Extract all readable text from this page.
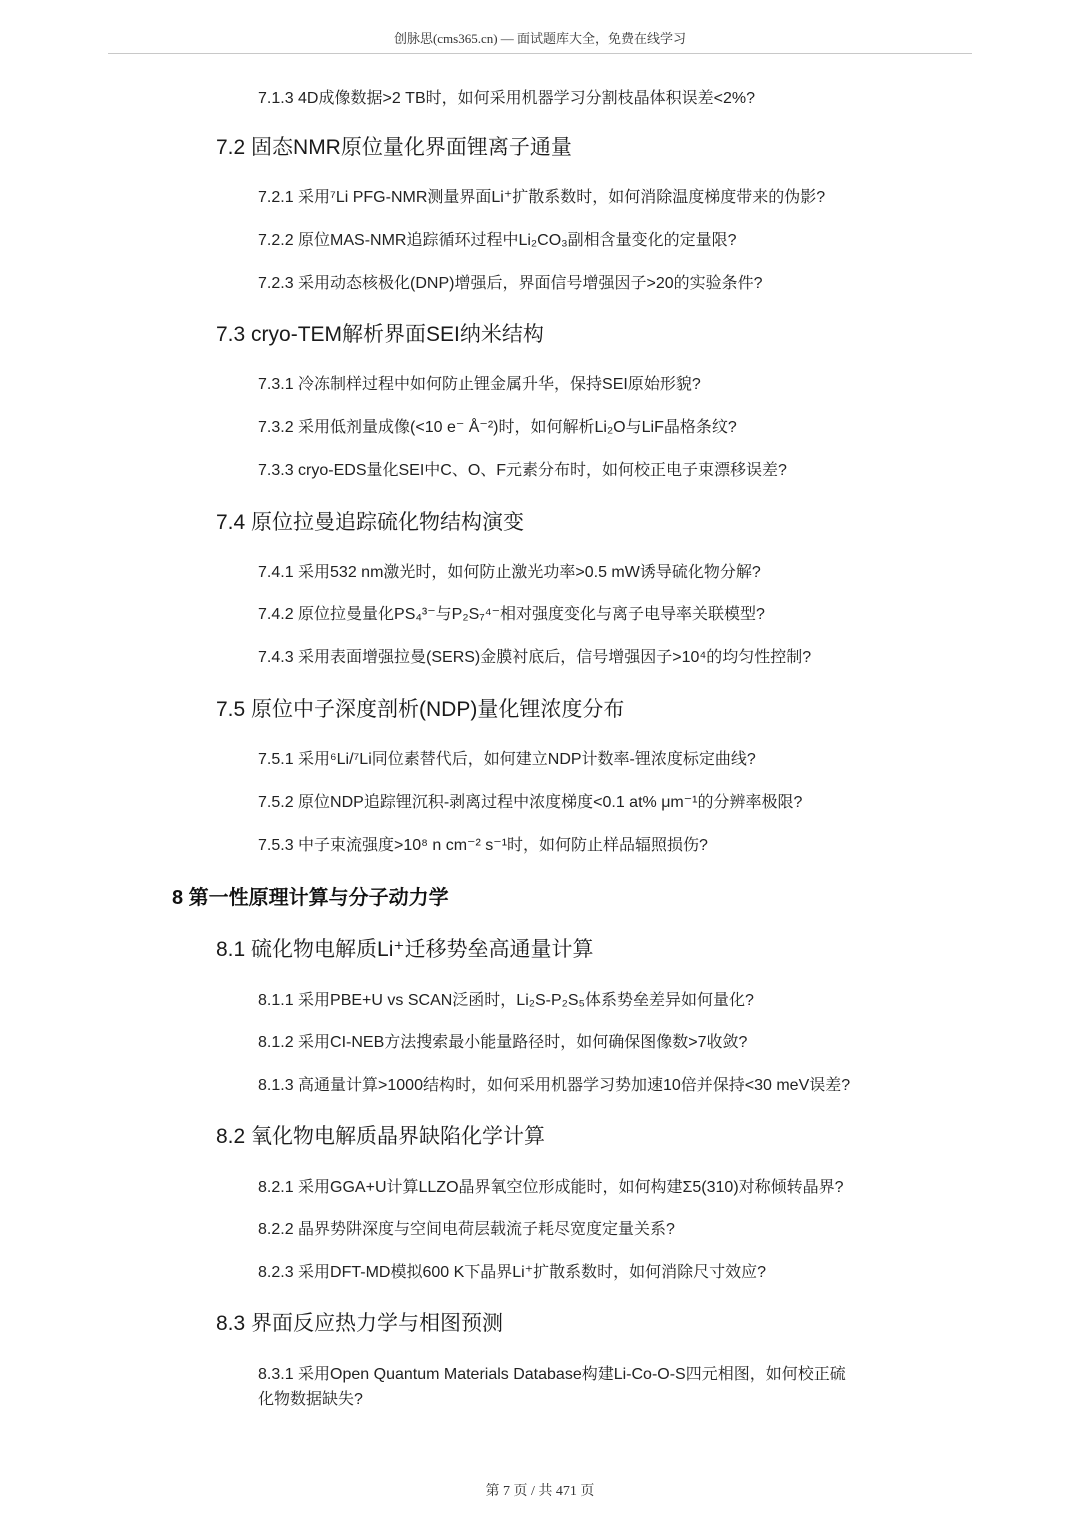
创脉思(cms365.cn) — 面试题库大全，免费在线学习
7.1.3 4D成像数据>2 TB时，如何采用机器学习分割枝晶体积误差<2%?
7.2 固态NMR原位量化界面锂离子通量
7.2.1 采用⁷Li PFG-NMR测量界面Li⁺扩散系数时，如何消除温度梯度带来的伪影?
7.2.2 原位MAS-NMR追踪循环过程中Li₂CO₃副相含量变化的定量限?
7.2.3 采用动态核极化(DNP)增强后，界面信号增强因子>20的实验条件?
7.3 cryo-TEM解析界面SEI纳米结构
7.3.1 冷冻制样过程中如何防止锂金属升华，保持SEI原始形貌?
7.3.2 采用低剂量成像(<10 e⁻ Å⁻²)时，如何解析Li₂O与LiF晶格条纹?
7.3.3 cryo-EDS量化SEI中C、O、F元素分布时，如何校正电子束漂移误差?
7.4 原位拉曼追踪硫化物结构演变
7.4.1 采用532 nm激光时，如何防止激光功率>0.5 mW诱导硫化物分解?
7.4.2 原位拉曼量化PS₄³⁻与P₂S₇⁴⁻相对强度变化与离子电导率关联模型?
7.4.3 采用表面增强拉曼(SERS)金膜衬底后，信号增强因子>10⁴的均匀性控制?
7.5 原位中子深度剖析(NDP)量化锂浓度分布
7.5.1 采用⁶Li/⁷Li同位素替代后，如何建立NDP计数率-锂浓度标定曲线?
7.5.2 原位NDP追踪锂沉积-剥离过程中浓度梯度<0.1 at% μm⁻¹的分辨率极限?
7.5.3 中子束流强度>10⁸ n cm⁻² s⁻¹时，如何防止样品辐照损伤?
8 第一性原理计算与分子动力学
8.1 硫化物电解质Li⁺迁移势垒高通量计算
8.1.1 采用PBE+U vs SCAN泛函时，Li₂S-P₂S₅体系势垒差异如何量化?
8.1.2 采用CI-NEB方法搜索最小能量路径时，如何确保图像数>7收敛?
8.1.3 高通量计算>1000结构时，如何采用机器学习势加速10倍并保持<30 meV误差?
8.2 氧化物电解质晶界缺陷化学计算
8.2.1 采用GGA+U计算LLZO晶界氧空位形成能时，如何构建Σ5(310)对称倾转晶界?
8.2.2 晶界势阱深度与空间电荷层载流子耗尽宽度定量关系?
8.2.3 采用DFT-MD模拟600 K下晶界Li⁺扩散系数时，如何消除尺寸效应?
8.3 界面反应热力学与相图预测
8.3.1 采用Open Quantum Materials Database构建Li-Co-O-S四元相图，如何校正硫
化物数据缺失?
第 7 页 / 共 471 页
